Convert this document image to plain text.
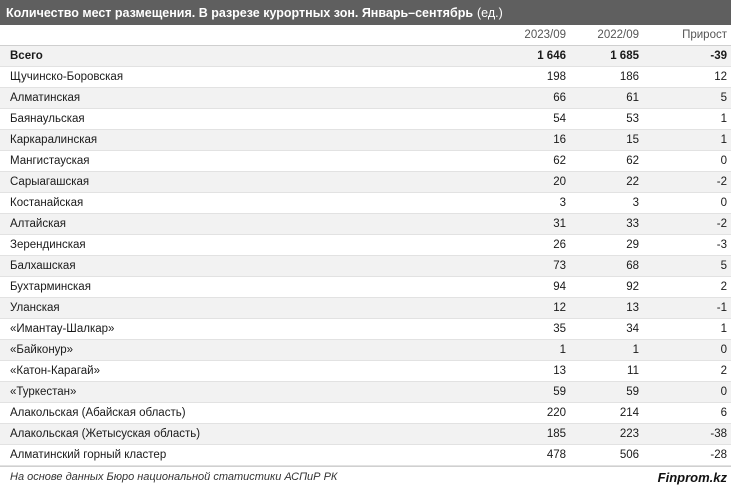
Количество мест размещения. В разрезе курортных зон. Январь–сентябрь (ед.)
	2023/09	2022/09	Прирост
Всего	1 646	1 685	-39
Щучинско-Боровская	198	186	12
Алматинская	66	61	5
Баянаульская	54	53	1
Каркаралинская	16	15	1
Мангистауская	62	62	0
Сарыагашская	20	22	-2
Костанайская	3	3	0
Алтайская	31	33	-2
Зерендинская	26	29	-3
Балхашская	73	68	5
Бухтарминская	94	92	2
Уланская	12	13	-1
«Имантау-Шалкар»	35	34	1
«Байконур»	1	1	0
«Катон-Карагай»	13	11	2
«Туркестан»	59	59	0
Алакольская (Абайская область)	220	214	6
Алакольская (Жетысуская область)	185	223	-38
Алматинский горный кластер	478	506	-28
На основе данных Бюро национальной статистики АСПиР РК	Finprom.kz
